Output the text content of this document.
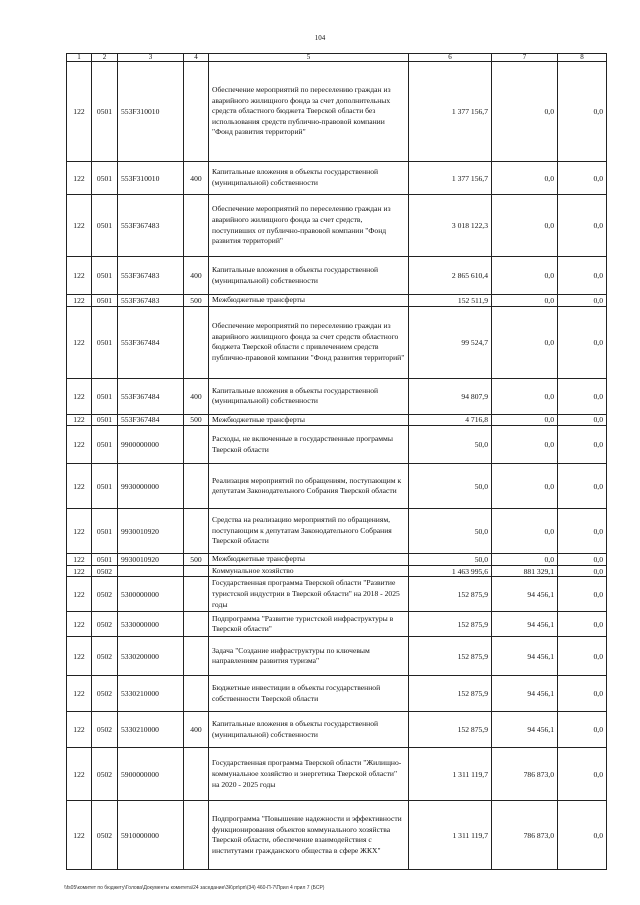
104
1	2	3	4	5	6	7	8
122	0501	553F310010		Обеспечение мероприятий по переселению граждан из аварийного жилищного фонда за счет дополнительных средств областного бюджета Тверской области без использования средств публично-правовой компании "Фонд развития территорий"	1 377 156,7	0,0	0,0
122	0501	553F310010	400	Капитальные вложения в объекты государственной (муниципальной) собственности	1 377 156,7	0,0	0,0
122	0501	553F367483		Обеспечение мероприятий по переселению граждан из аварийного жилищного фонда за счет средств, поступивших от публично-правовой компании "Фонд развития территорий"	3 018 122,3	0,0	0,0
122	0501	553F367483	400	Капитальные вложения в объекты государственной (муниципальной) собственности	2 865 610,4	0,0	0,0
122	0501	553F367483	500	Межбюджетные трансферты	152 511,9	0,0	0,0
122	0501	553F367484		Обеспечение мероприятий по переселению граждан из аварийного жилищного фонда за счет средств областного бюджета Тверской области с привлечением средств публично-правовой компании "Фонд развития территорий"	99 524,7	0,0	0,0
122	0501	553F367484	400	Капитальные вложения в объекты государственной (муниципальной) собственности	94 807,9	0,0	0,0
122	0501	553F367484	500	Межбюджетные трансферты	4 716,8	0,0	0,0
122	0501	9900000000		Расходы, не включенные в государственные программы Тверской области	50,0	0,0	0,0
122	0501	9930000000		Реализация мероприятий по обращениям, поступающим к депутатам Законодательного Собрания Тверской области	50,0	0,0	0,0
122	0501	9930010920		Средства на реализацию мероприятий по обращениям, поступающим к депутатам Законодательного Собрания Тверской области	50,0	0,0	0,0
122	0501	9930010920	500	Межбюджетные трансферты	50,0	0,0	0,0
122	0502			Коммунальное хозяйство	1 463 995,6	881 329,1	0,0
122	0502	5300000000		Государственная программа Тверской области "Развитие туристской индустрии в Тверской области" на 2018 - 2025 годы	152 875,9	94 456,1	0,0
122	0502	5330000000		Подпрограмма "Развитие туристской инфраструктуры в Тверской области"	152 875,9	94 456,1	0,0
122	0502	5330200000		Задача "Создание инфраструктуры по ключевым направлениям развития туризма"	152 875,9	94 456,1	0,0
122	0502	5330210000		Бюджетные инвестиции в объекты государственной собственности Тверской области	152 875,9	94 456,1	0,0
122	0502	5330210000	400	Капитальные вложения в объекты государственной (муниципальной) собственности	152 875,9	94 456,1	0,0
122	0502	5900000000		Государственная программа Тверской области "Жилищно-коммунальное хозяйство и энергетика Тверской области" на 2020 - 2025 годы	1 311 119,7	786 873,0	0,0
122	0502	5910000000		Подпрограмма "Повышение надежности и эффективности функционирования объектов коммунального хозяйства Тверской области, обеспечение взаимодействия с институтами гражданского общества в сфере ЖКХ"	1 311 119,7	786 873,0	0,0
\\fs05\комитет по бюджету\Голова\Документы комитета\24 заседание\ЗК\рп\рп\(34) 460-П-7\Прил 4 прил 7 (БСР)
